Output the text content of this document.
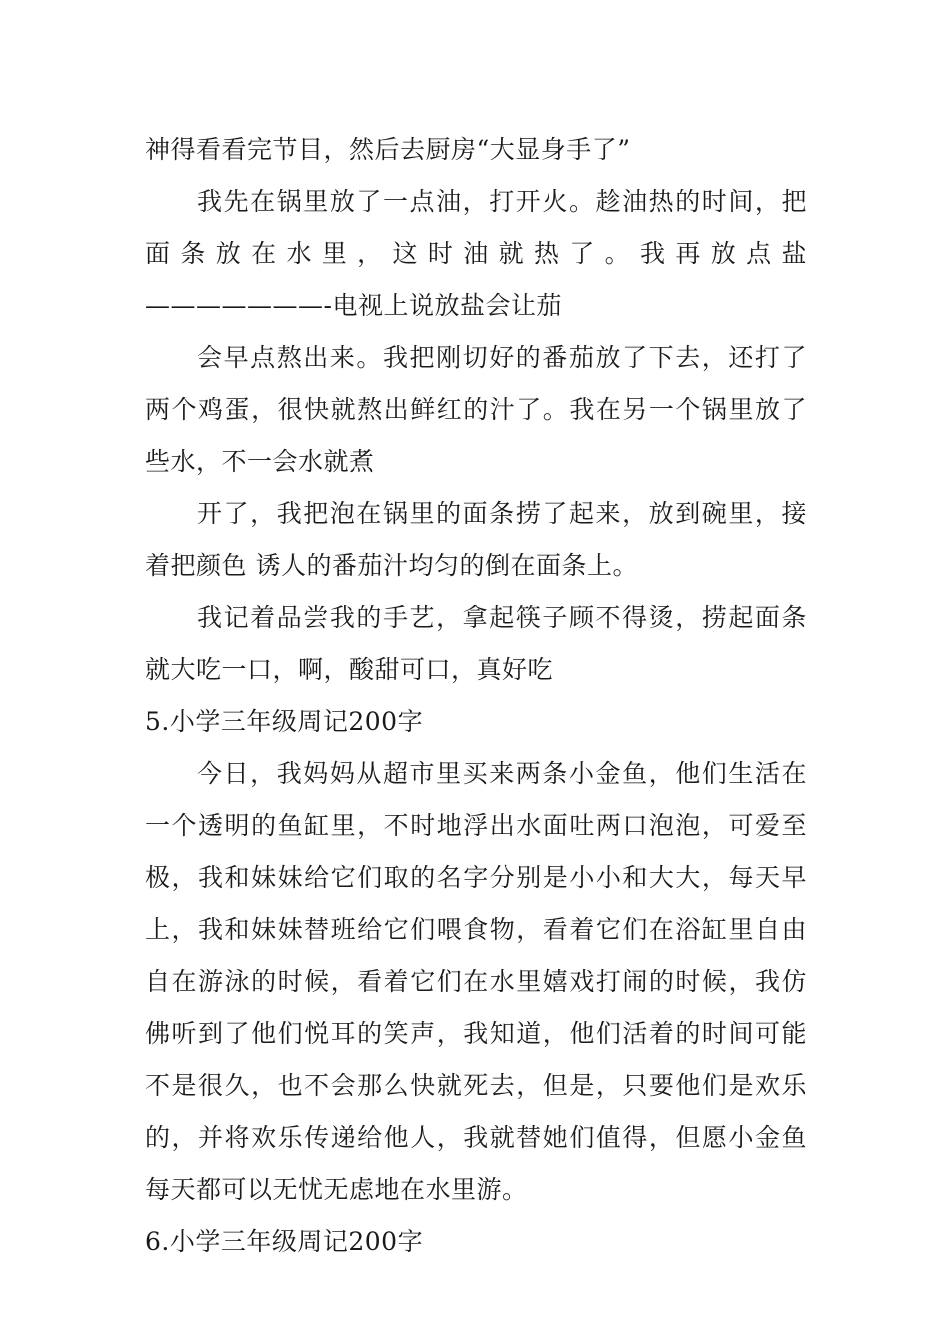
神得看看完节目，然后去厨房“大显身手了”

我先在锅里放了一点油，打开火。趁油热的时间，把面条放在水里，这时油就热了。我再放点盐———————-电视上说放盐会让茄

会早点熬出来。我把刚切好的番茄放了下去，还打了两个鸡蛋，很快就熬出鲜红的汁了。我在另一个锅里放了些水，不一会水就煮

开了，我把泡在锅里的面条捞了起来，放到碗里，接着把颜色 诱人的番茄汁均匀的倒在面条上。

我记着品尝我的手艺，拿起筷子顾不得烫，捞起面条就大吃一口，啊，酸甜可口，真好吃

5.小学三年级周记200字

今日，我妈妈从超市里买来两条小金鱼，他们生活在一个透明的鱼缸里，不时地浮出水面吐两口泡泡，可爱至极，我和妹妹给它们取的名字分别是小小和大大，每天早上，我和妹妹替班给它们喂食物，看着它们在浴缸里自由自在游泳的时候，看着它们在水里嬉戏打闹的时候，我仿佛听到了他们悦耳的笑声，我知道，他们活着的时间可能不是很久，也不会那么快就死去，但是，只要他们是欢乐的，并将欢乐传递给他人，我就替她们值得，但愿小金鱼每天都可以无忧无虑地在水里游。

6.小学三年级周记200字
